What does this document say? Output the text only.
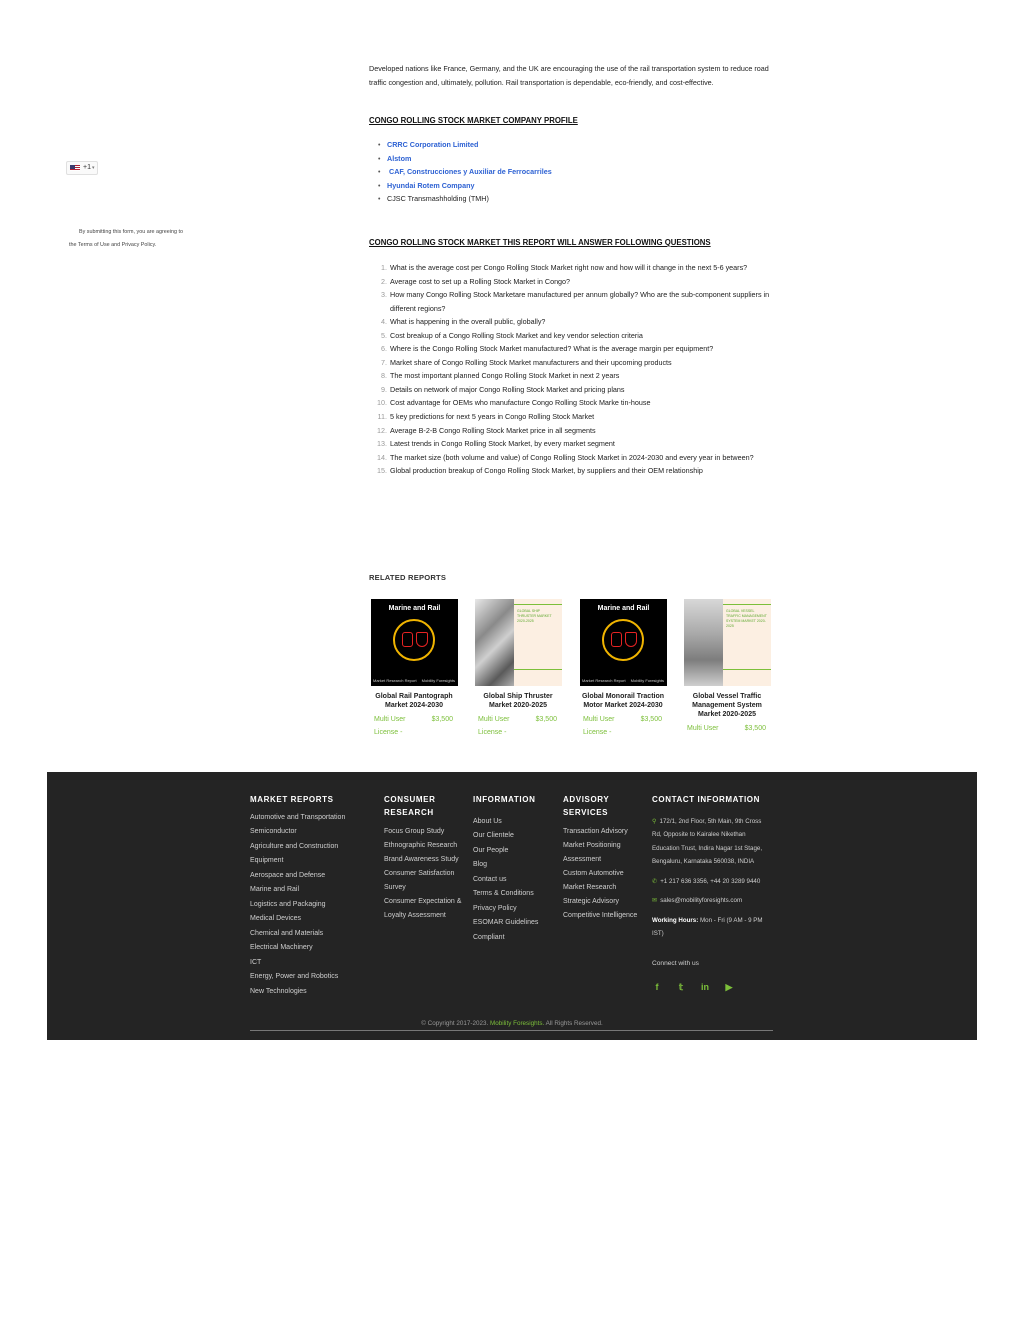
Developed nations like France, Germany, and the UK are encouraging the use of the rail transportation system to reduce road traffic congestion and, ultimately, pollution. Rail transportation is dependable, eco-friendly, and cost-effective.
+1 ▾
By submitting this form, you are agreeing to
the Terms of Use and Privacy Policy.
CONGO ROLLING STOCK MARKET COMPANY PROFILE
• CRRC Corporation Limited
• Alstom
• CAF, Construcciones y Auxiliar de Ferrocarriles
• Hyundai Rotem Company
• CJSC Transmashholding (TMH)
CONGO ROLLING STOCK MARKET THIS REPORT WILL ANSWER FOLLOWING QUESTIONS
1. What is the average cost per Congo Rolling Stock Market right now and how will it change in the next 5-6 years?
2. Average cost to set up a Rolling Stock Market in Congo?
3. How many Congo Rolling Stock Marketare manufactured per annum globally? Who are the sub-component suppliers in different regions?
4. What is happening in the overall public, globally?
5. Cost breakup of a Congo Rolling Stock Market and key vendor selection criteria
6. Where is the Congo Rolling Stock Market manufactured? What is the average margin per equipment?
7. Market share of Congo Rolling Stock Market manufacturers and their upcoming products
8. The most important planned Congo Rolling Stock Market in next 2 years
9. Details on network of major Congo Rolling Stock Market and pricing plans
10. Cost advantage for OEMs who manufacture Congo Rolling Stock Marke tin-house
11. 5 key predictions for next 5 years in Congo Rolling Stock Market
12. Average B-2-B Congo Rolling Stock Market price in all segments
13. Latest trends in Congo Rolling Stock Market, by every market segment
14. The market size (both volume and value) of Congo Rolling Stock Market in 2024-2030 and every year in between?
15. Global production breakup of Congo Rolling Stock Market, by suppliers and their OEM relationship
RELATED REPORTS
Marine and Rail
Market Research Report Mobility Foresights
Global Rail Pantograph Market 2024-2030
Multi User License -
$3,500
GLOBAL SHIP THRUSTER MARKET 2020-2025
Global Ship Thruster Market 2020-2025
Multi User License -
$3,500
Marine and Rail
Market Research Report Mobility Foresights
Global Monorail Traction Motor Market 2024-2030
Multi User License -
$3,500
GLOBAL VESSEL TRAFFIC MANAGEMENT SYSTEM MARKET 2020-2025
Global Vessel Traffic Management System Market 2020-2025
Multi User	$3,500
MARKET REPORTS
Automotive and Transportation
Semiconductor
Agriculture and Construction Equipment
Aerospace and Defense
Marine and Rail
Logistics and Packaging
Medical Devices
Chemical and Materials
Electrical Machinery
ICT
Energy, Power and Robotics
New Technologies
CONSUMER RESEARCH
Focus Group Study
Ethnographic Research
Brand Awareness Study
Consumer Satisfaction Survey
Consumer Expectation & Loyalty Assessment
INFORMATION
About Us
Our Clientele
Our People
Blog
Contact us
Terms & Conditions
Privacy Policy
ESOMAR Guidelines Compliant
ADVISORY SERVICES
Transaction Advisory
Market Positioning Assessment
Custom Automotive Market Research
Strategic Advisory
Competitive Intelligence
CONTACT INFORMATION

⚲ 172/1, 2nd Floor, 5th Main, 9th Cross Rd, Opposite to Kairalee Nikethan Education Trust, Indira Nagar 1st Stage, Bengaluru, Karnataka 560038, INDIA

✆ +1 217 636 3356, +44 20 3289 9440

✉ sales@mobilityforesights.com

Working Hours: Mon - Fri (9 AM - 9 PM IST)

Connect with us

f	𝕥	in ▶
© Copyright 2017-2023. Mobility Foresights. All Rights Reserved.
